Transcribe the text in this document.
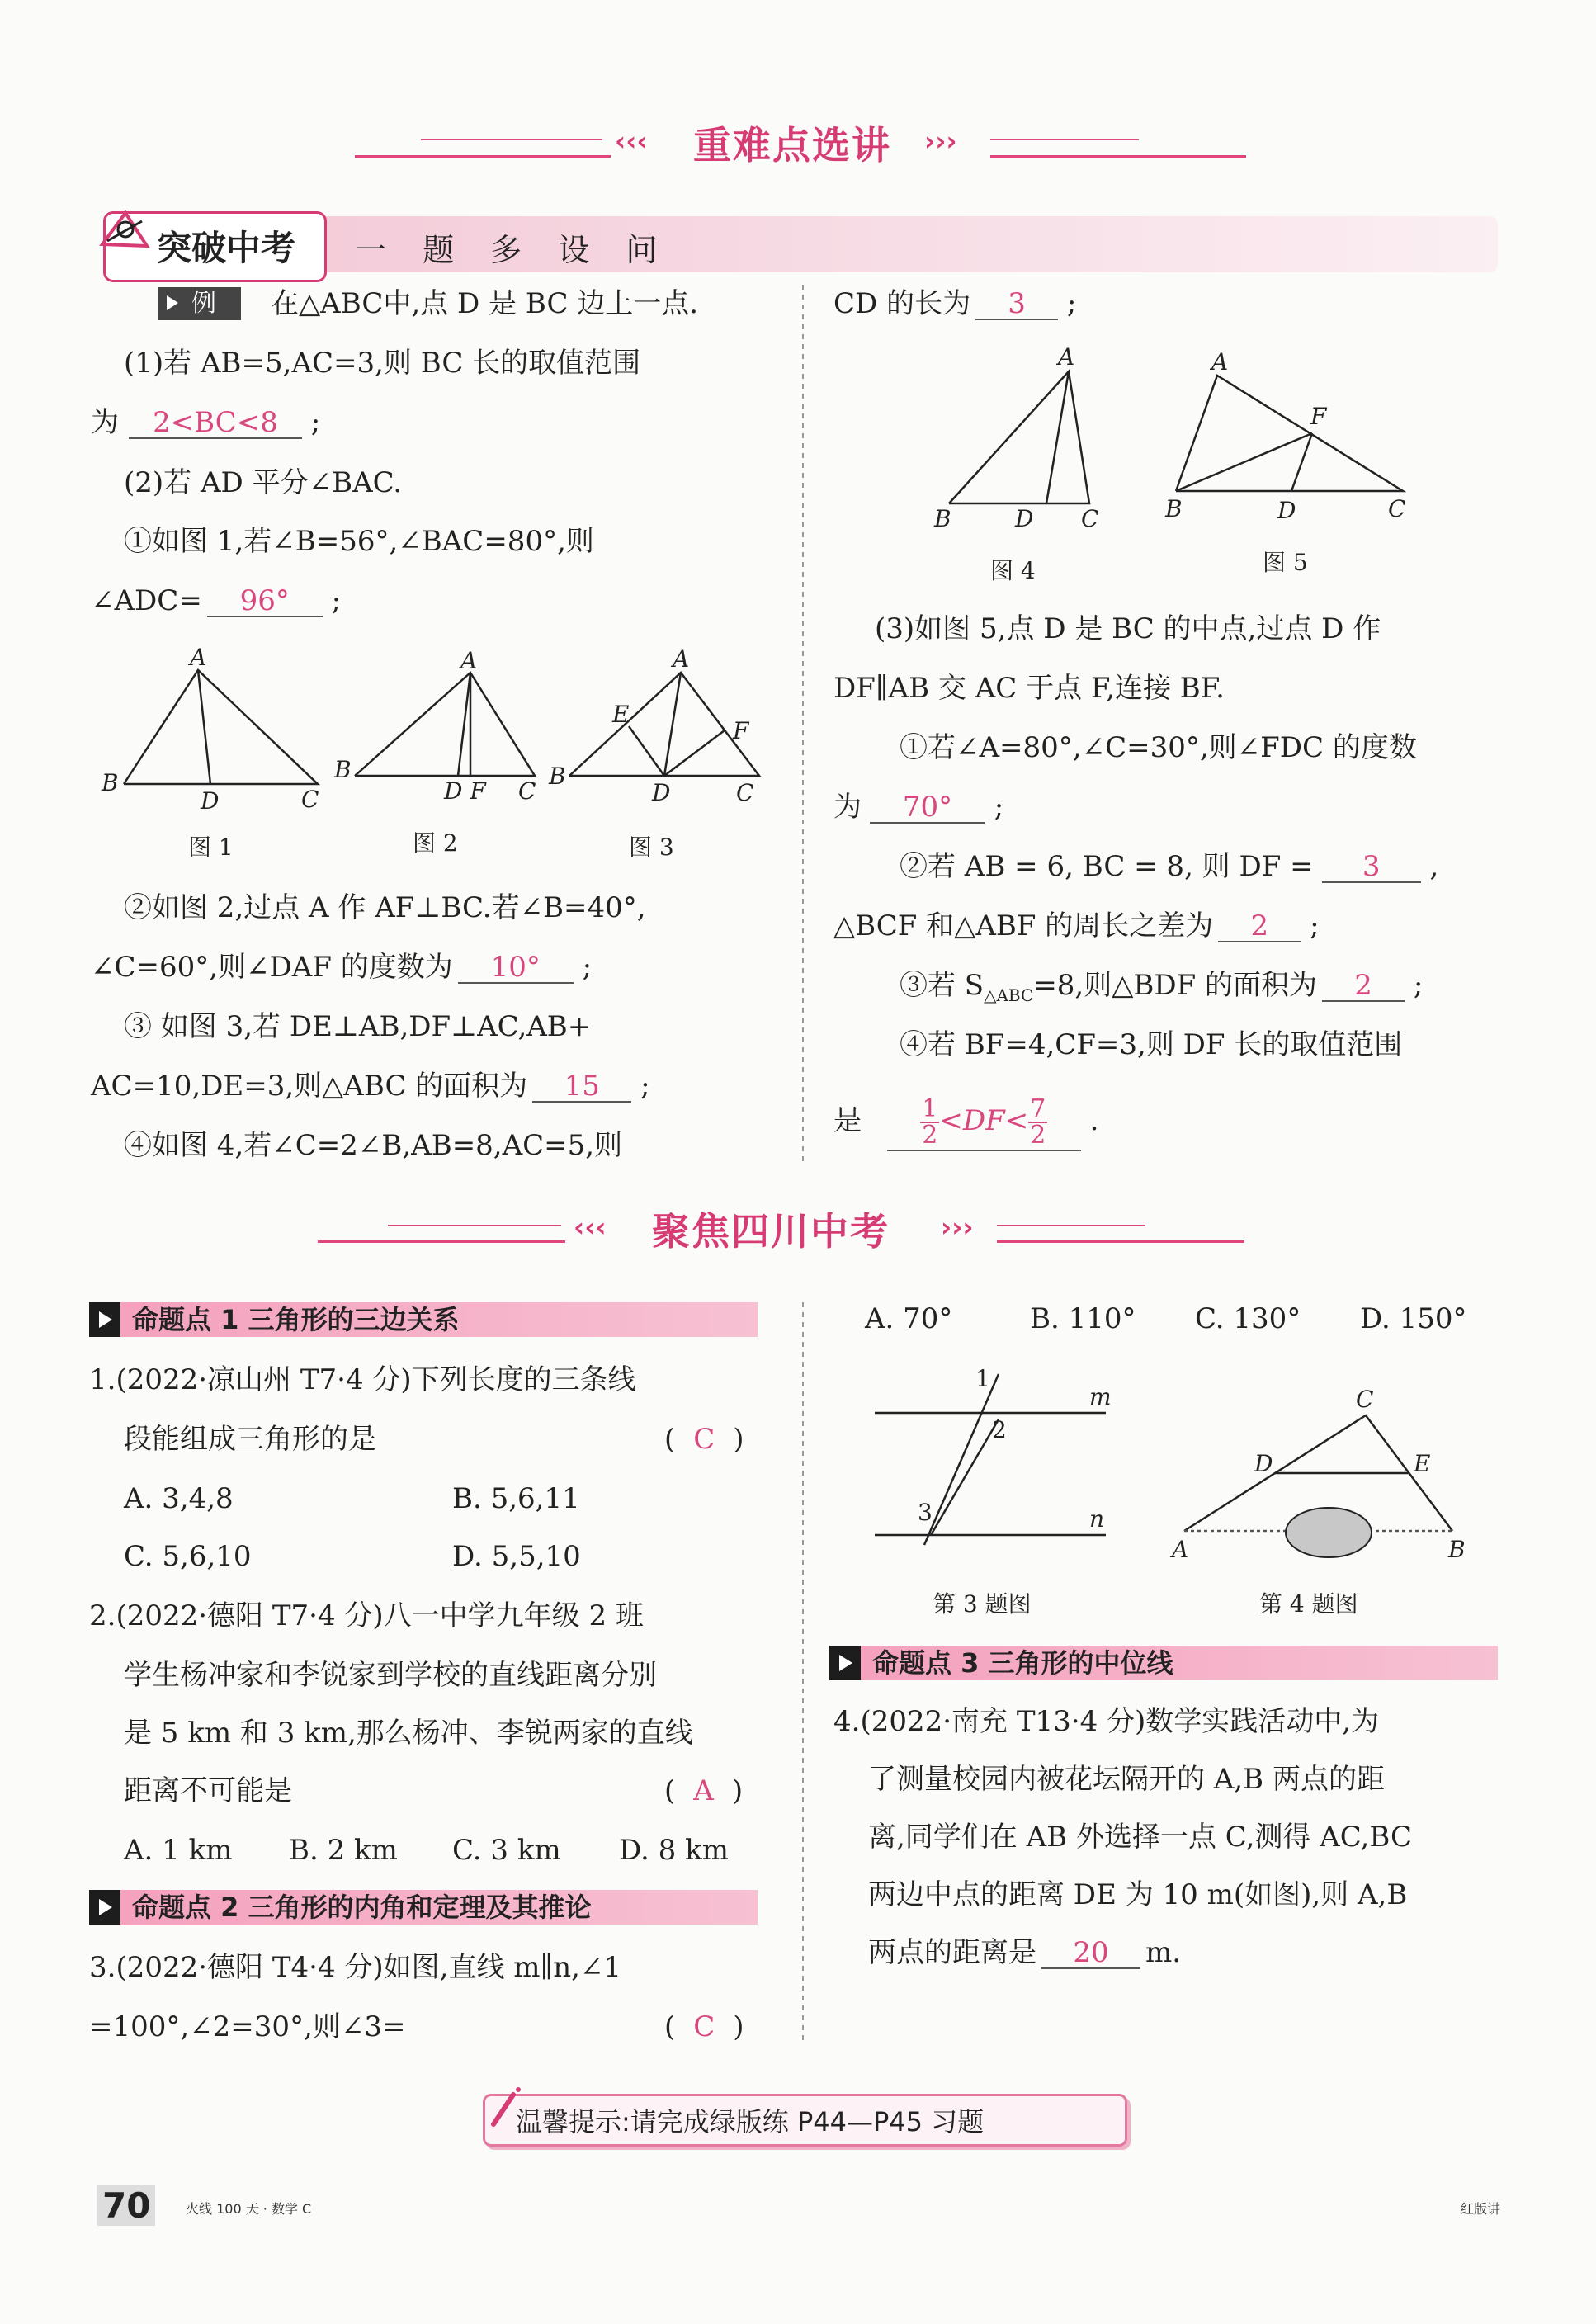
‹‹‹ 重难点选讲 ›››
突破中考 一 题 多 设 问
例 在△ABC中,点 D 是 BC 边上一点.
(1)若 AB=5,AC=3,则 BC 长的取值范围
为 2<BC<8 ;
(2)若 AD 平分∠BAC.
①如图 1,若∠B=56°,∠BAC=80°,则
∠ADC= 96° ;
A
B
D	C
图 1
A
B
D F C
图 2
A
E
F
B
D	C
图 3
②如图 2,过点 A 作 AF⊥BC.若∠B=40°,
∠C=60°,则∠DAF 的度数为 10° ;
③ 如图 3,若 DE⊥AB,DF⊥AC,AB+
AC=10,DE=3,则△ABC 的面积为 15 ;
④如图 4,若∠C=2∠B,AB=8,AC=5,则
CD 的长为 3 ;
A
B	D C
图 4
A
F
B	D	C
图 5
(3)如图 5,点 D 是 BC 的中点,过点 D 作
DF∥AB 交 AC 于点 F,连接 BF.
①若∠A=80°,∠C=30°,则∠FDC 的度数
为 70° ;
②若 AB = 6, BC = 8, 则 DF = 3 ,
△BCF 和△ABF 的周长之差为 2 ;
③若 $S_{\triangle ABC}=8$,则△BDF 的面积为 2 ;
④若 BF=4,CF=3,则 DF 长的取值范围
是 $\frac{1}{2} <DF< \frac{7}{2}$ .
‹‹‹ 聚焦四川中考 ›››
命题点 1 三角形的三边关系
1.(2022·凉山州 T7·4 分)下列长度的三条线
段能组成三角形的是	( C )
A. 3,4,8	B. 5,6,11
C. 5,6,10	D. 5,5,10
2.(2022·德阳 T7·4 分)八一中学九年级 2 班
学生杨冲家和李锐家到学校的直线距离分别
是 5 km 和 3 km,那么杨冲、李锐两家的直线
距离不可能是	( A )
A. 1 km B. 2 km C. 3 km D. 8 km
命题点 2 三角形的内角和定理及其推论
3.(2022·德阳 T4·4 分)如图,直线 m∥n,∠1
=100°,∠2=30°,则∠3=	( C )
A. 70°	B. 110° C. 130° D. 150°
1
2
3
m
n
第 3 题图
C
D	E
A	B
第 4 题图
命题点 3 三角形的中位线
4.(2022·南充 T13·4 分)数学实践活动中,为
了测量校园内被花坛隔开的 A,B 两点的距
离,同学们在 AB 外选择一点 C,测得 AC,BC
两边中点的距离 DE 为 10 m(如图),则 A,B
两点的距离是 20 m.
温馨提示:请完成绿版练 P44—P45 习题
70	火线 100 天 · 数学 C	红版讲
